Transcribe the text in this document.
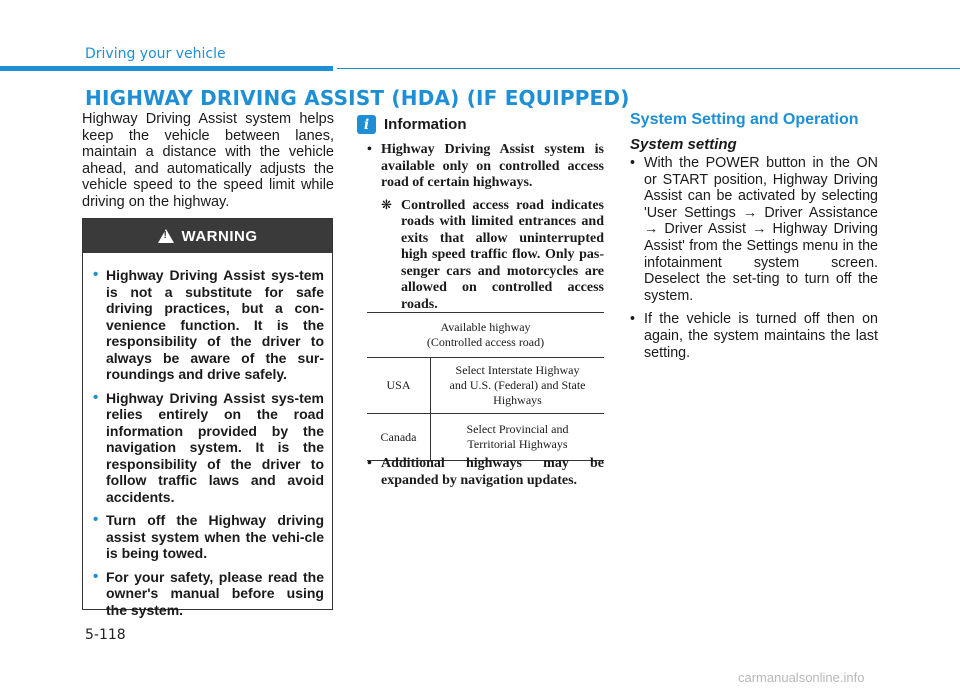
Driving your vehicle
HIGHWAY DRIVING ASSIST (HDA) (IF EQUIPPED)
Highway Driving Assist system helps keep the vehicle between lanes, maintain a distance with the vehicle ahead, and automatically adjusts the vehicle speed to the speed limit while driving on the highway.
!
WARNING
• Highway Driving Assist sys-tem is not a substitute for safe driving practices, but a con-venience function. It is the responsibility of the driver to always be aware of the sur-roundings and drive safely.
• Highway Driving Assist sys-tem relies entirely on the road information provided by the navigation system. It is the responsibility of the driver to follow traffic laws and avoid accidents.
• Turn off the Highway driving assist system when the vehi-cle is being towed.
• For your safety, please read the owner's manual before using the system.
i Information
• Highway Driving Assist system is available only on controlled access road of certain highways.
❋ Controlled access road indicates roads with limited entrances and exits that allow uninterrupted high speed traffic flow. Only pas-senger cars and motorcycles are allowed on controlled access roads.
Available highway
(Controlled access road)	
USA	Select Interstate Highway
and U.S. (Federal) and State
Highways
Canada	Select Provincial and
Territorial Highways
• Additional highways may be expanded by navigation updates.
System Setting and Operation
System setting
• With the POWER button in the ON or START position, Highway Driving Assist can be activated by selecting 'User Settings → Driver Assistance → Driver Assist → Highway Driving Assist' from the Settings menu in the infotainment system screen. Deselect the set-ting to turn off the system.
• If the vehicle is turned off then on again, the system maintains the last setting.
5-118
carmanualsonline.info
